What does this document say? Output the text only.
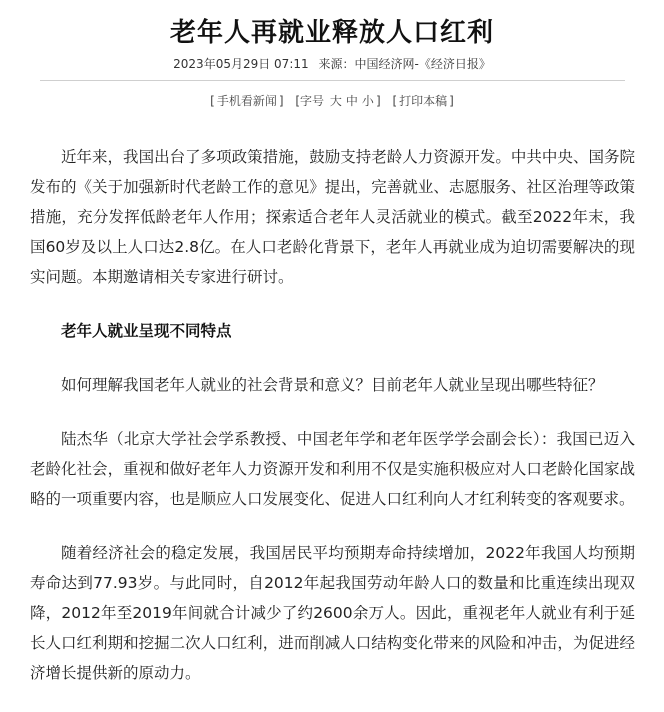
老年人再就业释放人口红利
2023年05月29日 07:11 来源：中国经济网-《经济日报》
[ 手机看新闻 ] [字号 大 中 小 ] [ 打印本稿 ]

近年来，我国出台了多项政策措施，鼓励支持老龄人力资源开发。中共中央、国务院发布的《关于加强新时代老龄工作的意见》提出，完善就业、志愿服务、社区治理等政策措施，充分发挥低龄老年人作用；探索适合老年人灵活就业的模式。截至2022年末，我国60岁及以上人口达2.8亿。在人口老龄化背景下，老年人再就业成为迫切需要解决的现实问题。本期邀请相关专家进行研讨。

老年人就业呈现不同特点

如何理解我国老年人就业的社会背景和意义？目前老年人就业呈现出哪些特征？

陆杰华（北京大学社会学系教授、中国老年学和老年医学学会副会长）：我国已迈入老龄化社会，重视和做好老年人力资源开发和利用不仅是实施积极应对人口老龄化国家战略的一项重要内容，也是顺应人口发展变化、促进人口红利向人才红利转变的客观要求。

随着经济社会的稳定发展，我国居民平均预期寿命持续增加，2022年我国人均预期寿命达到77.93岁。与此同时，自2012年起我国劳动年龄人口的数量和比重连续出现双降，2012年至2019年间就合计减少了约2600余万人。因此，重视老年人就业有利于延长人口红利期和挖掘二次人口红利，进而削减人口结构变化带来的风险和冲击，为促进经济增长提供新的原动力。
